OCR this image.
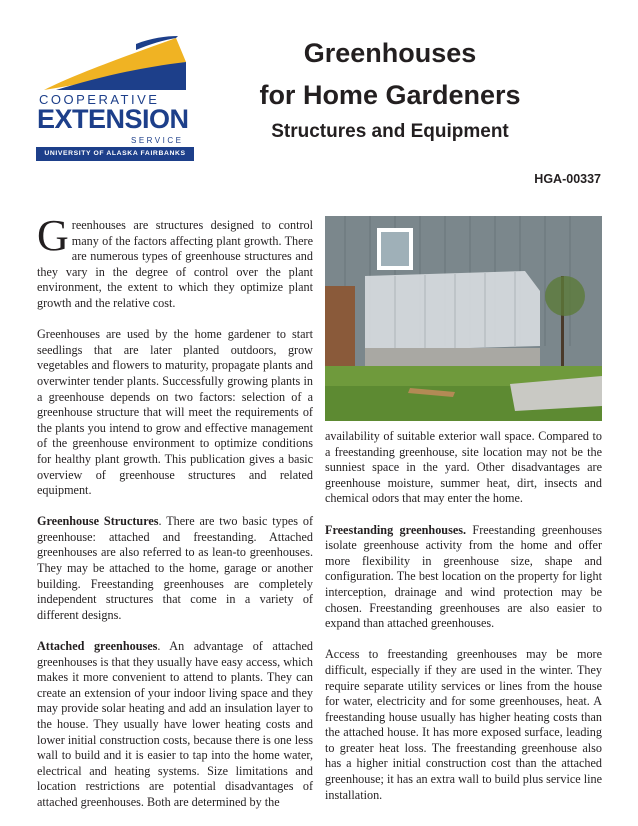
COOPERATIVE
EXTENSION
SERVICE
UNIVERSITY OF ALASKA FAIRBANKS
Greenhouses
for Home Gardeners
Structures and Equipment
HGA-00337

Greenhouses are structures designed to control many of the factors affecting plant growth. There are numerous types of greenhouse structures and they vary in the degree of control over the plant environment, the extent to which they optimize plant growth and the relative cost.

Greenhouses are used by the home gardener to start seedlings that are later planted outdoors, grow vegetables and flowers to maturity, propagate plants and overwinter tender plants. Successfully growing plants in a greenhouse depends on two factors: selection of a greenhouse structure that will meet the requirements of the plants you intend to grow and effective management of the greenhouse environment to optimize conditions for healthy plant growth. This publication gives a basic overview of greenhouse structures and related equipment.

Greenhouse Structures. There are two basic types of greenhouse: attached and freestanding. Attached greenhouses are also referred to as lean-to greenhouses. They may be attached to the home, garage or another building. Freestanding greenhouses are completely independent structures that come in a variety of different designs.

Attached greenhouses. An advantage of attached greenhouses is that they usually have easy access, which makes it more convenient to attend to plants. They can create an extension of your indoor living space and they may provide solar heating and add an insulation layer to the house. They usually have lower heating costs and lower initial construction costs, because there is one less wall to build and it is easier to tap into the home water, electrical and heating systems. Size limitations and location restrictions are potential disadvantages of attached greenhouses. Both are determined by the

availability of suitable exterior wall space. Compared to a freestanding greenhouse, site location may not be the sunniest space in the yard. Other disadvantages are greenhouse moisture, summer heat, dirt, insects and chemical odors that may enter the home.

Freestanding greenhouses. Freestanding greenhouses isolate greenhouse activity from the home and offer more flexibility in greenhouse size, shape and configuration. The best location on the property for light interception, drainage and wind protection may be chosen. Freestanding greenhouses are also easier to expand than attached greenhouses.

Access to freestanding greenhouses may be more difficult, especially if they are used in the winter. They require separate utility services or lines from the house for water, electricity and for some greenhouses, heat. A freestanding house usually has higher heating costs than the attached house. It has more exposed surface, leading to greater heat loss. The freestanding greenhouse also has a higher initial construction cost than the attached greenhouse; it has an extra wall to build plus service line installation.
